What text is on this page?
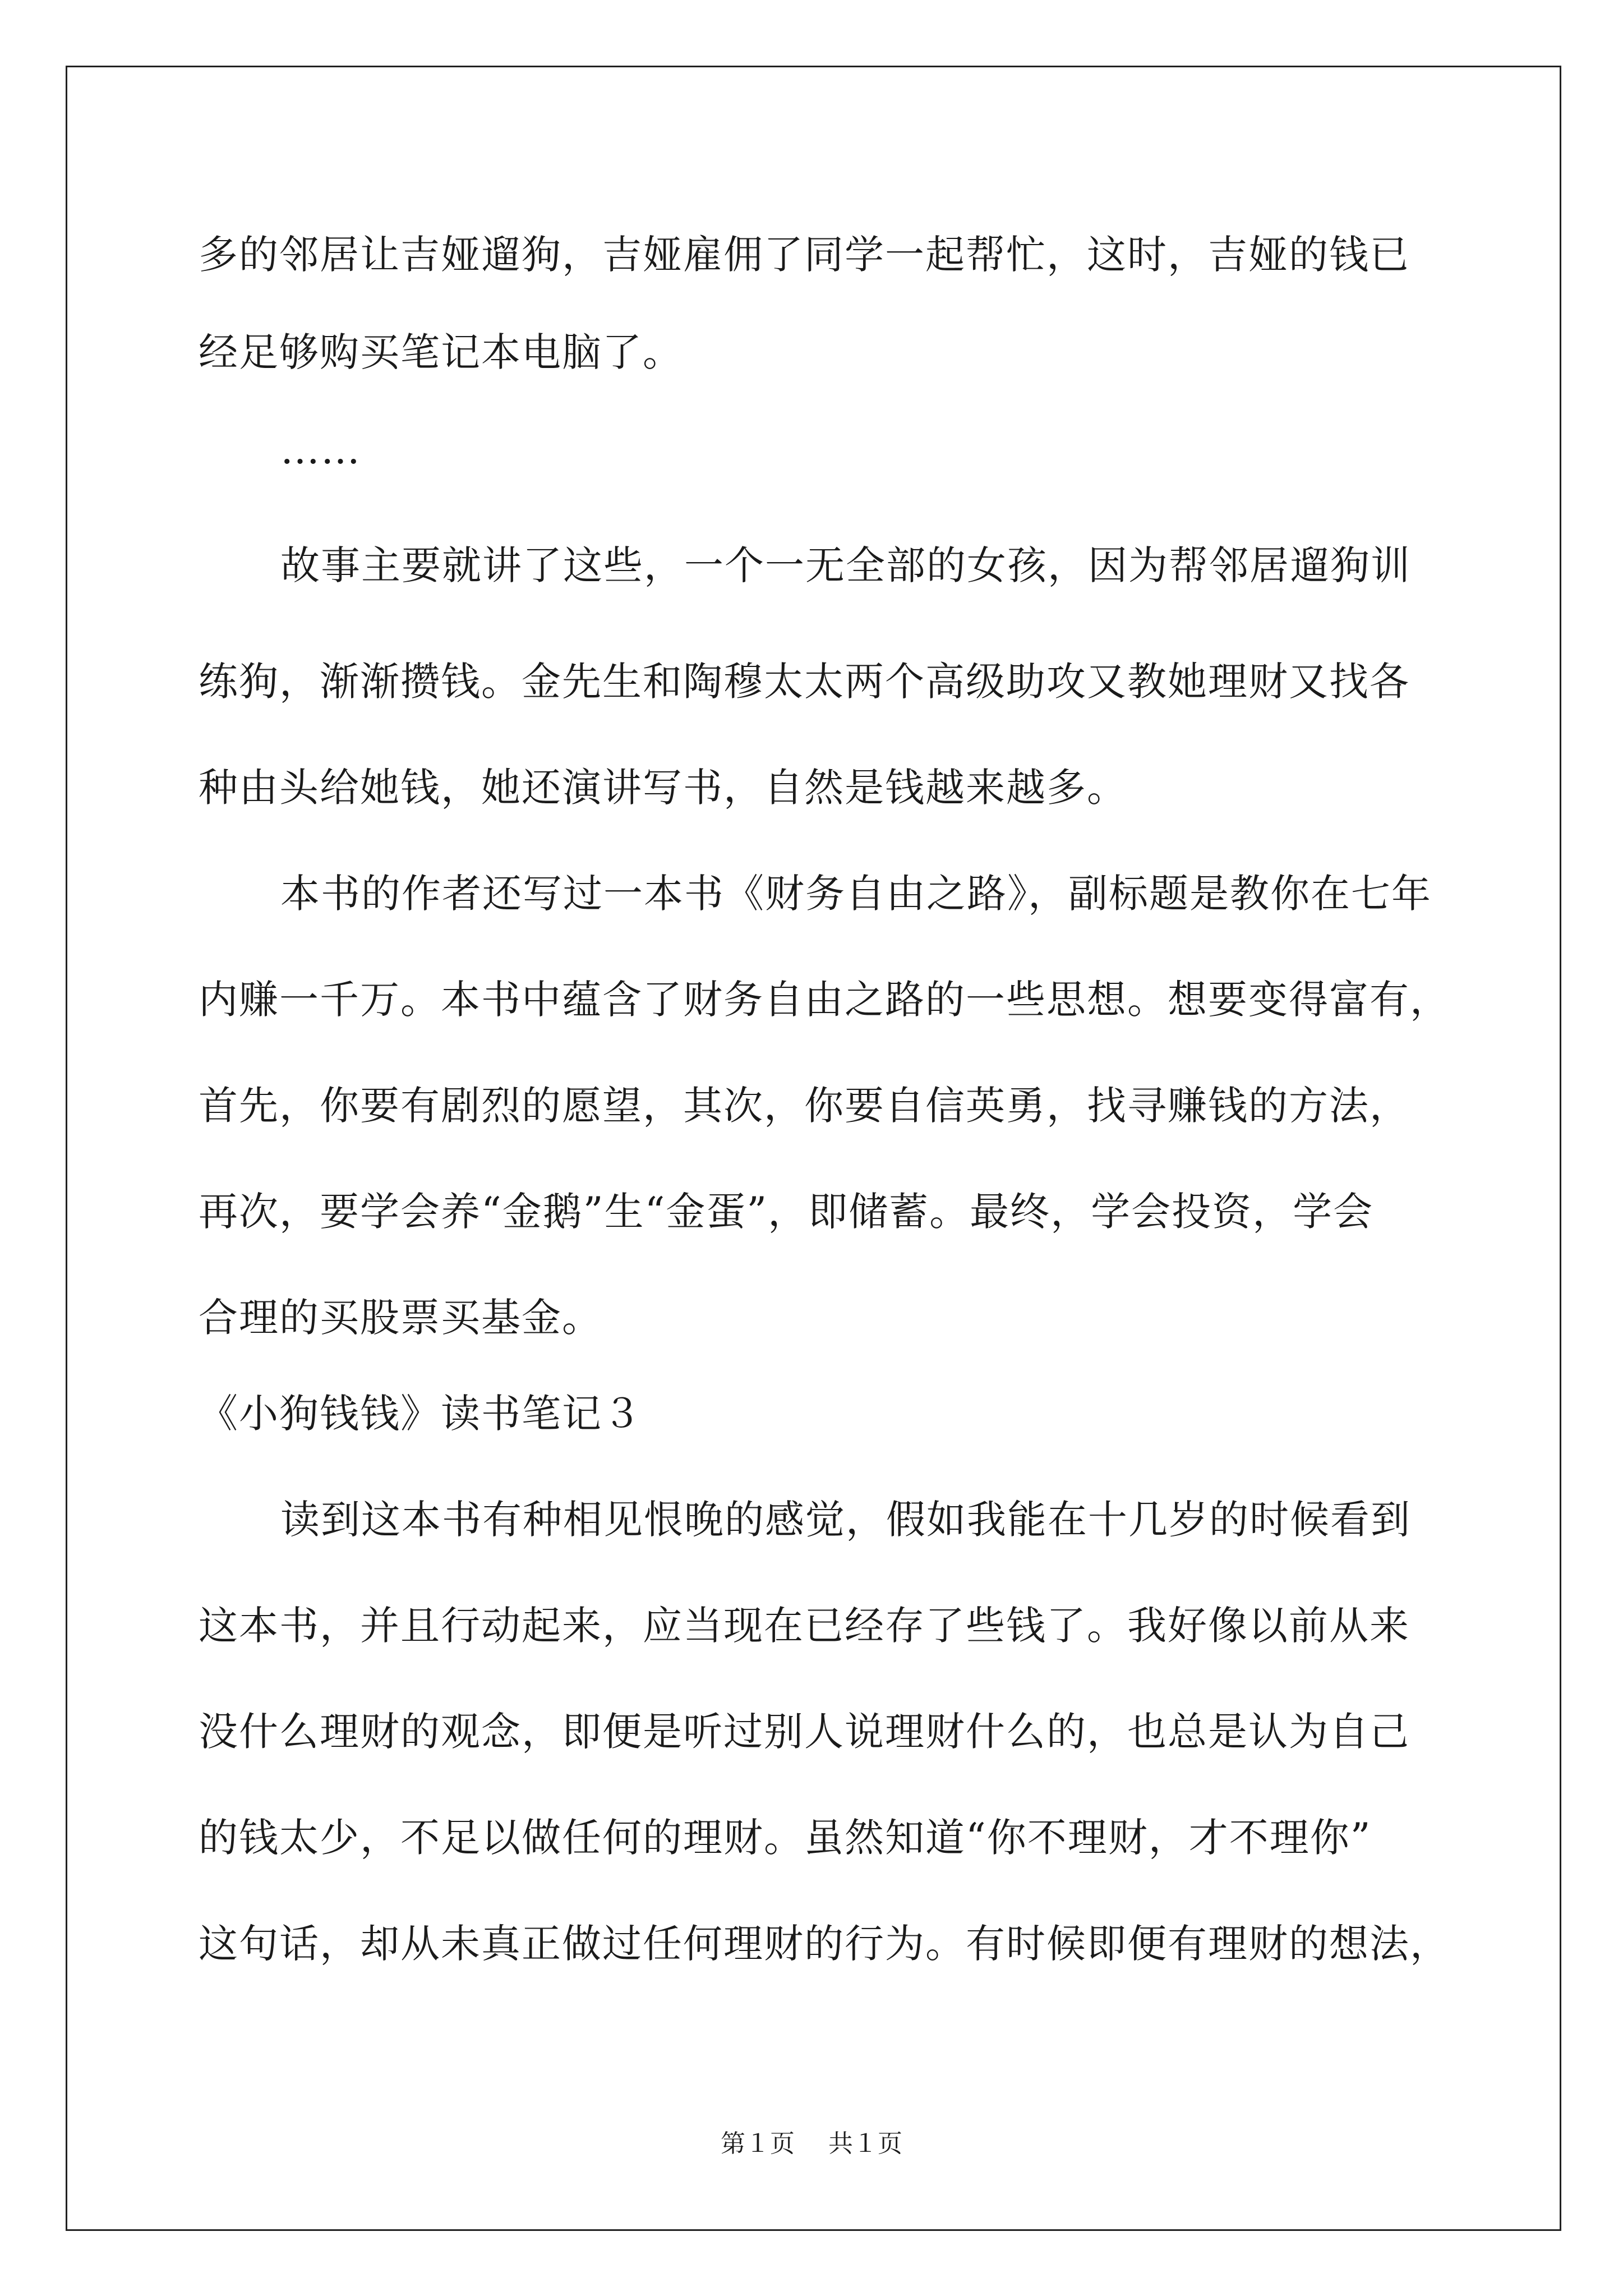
多的邻居让吉娅遛狗，吉娅雇佣了同学一起帮忙，这时，吉娅的钱已
经足够购买笔记本电脑了。
……
故事主要就讲了这些，一个一无全部的女孩，因为帮邻居遛狗训
练狗，渐渐攒钱。金先生和陶穆太太两个高级助攻又教她理财又找各
种由头给她钱，她还演讲写书，自然是钱越来越多。
本书的作者还写过一本书《财务自由之路》，副标题是教你在七年
内赚一千万。本书中蕴含了财务自由之路的一些思想。想要变得富有，
首先，你要有剧烈的愿望，其次，你要自信英勇，找寻赚钱的方法，
再次，要学会养“金鹅”生“金蛋”，即储蓄。最终，学会投资，学会
合理的买股票买基金。
《小狗钱钱》读书笔记３
读到这本书有种相见恨晚的感觉，假如我能在十几岁的时候看到
这本书，并且行动起来，应当现在已经存了些钱了。我好像以前从来
没什么理财的观念，即便是听过别人说理财什么的，也总是认为自己
的钱太少，不足以做任何的理财。虽然知道“你不理财，才不理你”
这句话，却从未真正做过任何理财的行为。有时候即便有理财的想法，
第１页 共１页
